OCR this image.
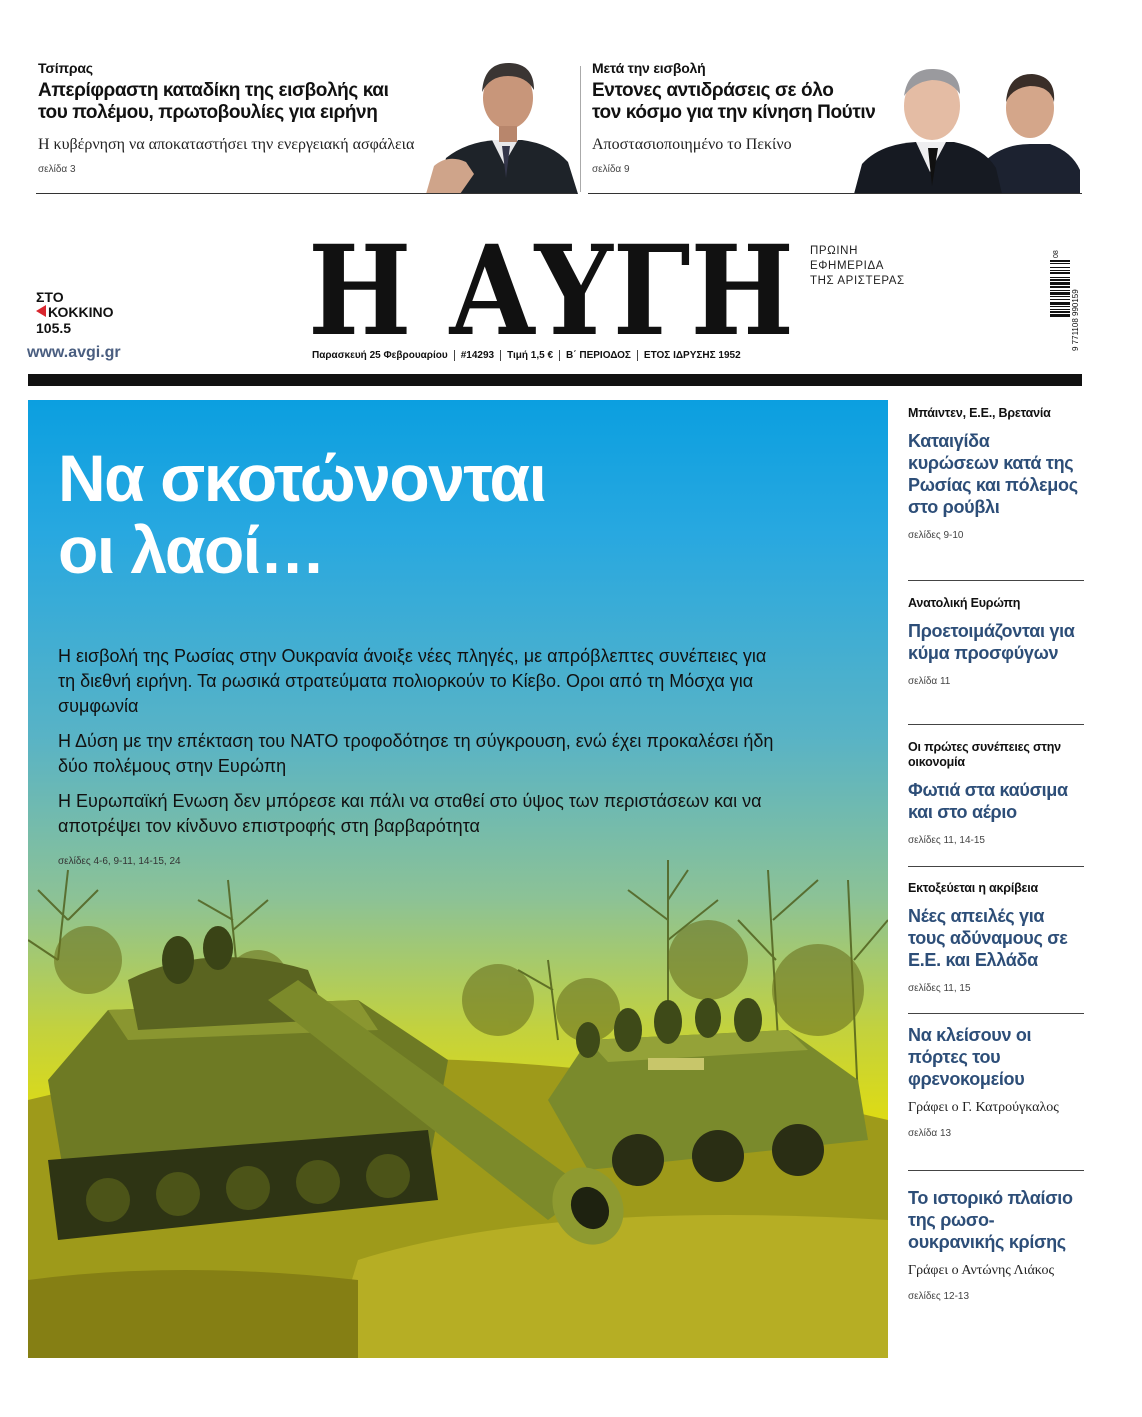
Τσίπρας
Απερίφραστη καταδίκη της εισβολής και
του πολέμου, πρωτοβουλίες για ειρήνη
Η κυβέρνηση να αποκαταστήσει την ενεργειακή ασφάλεια
σελίδα 3
Μετά την εισβολή
Εντονες αντιδράσεις σε όλο
τον κόσμο για την κίνηση Πούτιν
Αποστασιοποιημένο το Πεκίνο
σελίδα 9
ΣΤΟ
ΚΟΚΚΙΝΟ
105.5
www.avgi.gr Η ΑΥΓΗ ΠΡΩΙΝΗ
ΕΦΗΜΕΡΙΔΑ
ΤΗΣ ΑΡΙΣΤΕΡΑΣ
9 771108 990159
08
Παρασκευή 25 Φεβρουαρίου	#14293	Τιμή 1,5 €	Β΄ ΠΕΡΙΟΔΟΣ	ΕΤΟΣ ΙΔΡΥΣΗΣ 1952
Να σκοτώνονται
οι λαοί…

Η εισβολή της Ρωσίας στην Ουκρανία άνοιξε νέες πληγές, με απρόβλεπτες συνέπειες για τη διεθνή ειρήνη. Τα ρωσικά στρατεύματα πολιορκούν το Κίεβο. Οροι από τη Μόσχα για συμφωνία

Η Δύση με την επέκταση του ΝΑΤΟ τροφοδότησε τη σύγκρουση, ενώ έχει προκαλέσει ήδη δύο πολέμους στην Ευρώπη

Η Ευρωπαϊκή Ενωση δεν μπόρεσε και πάλι να σταθεί στο ύψος των περιστάσεων και να αποτρέψει τον κίνδυνο επιστροφής στη βαρβαρότητα

σελίδες 4-6, 9-11, 14-15, 24

Μπάιντεν, Ε.Ε., Βρετανία
Καταιγίδα κυρώσεων κατά της Ρωσίας και πόλεμος στο ρούβλι
σελίδες 9-10
Ανατολική Ευρώπη
Προετοιμάζονται για κύμα προσφύγων
σελίδα 11
Οι πρώτες συνέπειες στην οικονομία
Φωτιά στα καύσιμα και στο αέριο
σελίδες 11, 14-15
Εκτοξεύεται η ακρίβεια
Νέες απειλές για τους αδύναμους σε Ε.Ε. και Ελλάδα
σελίδες 11, 15
Να κλείσουν οι πόρτες του φρενοκομείου
Γράφει ο Γ. Κατρούγκαλος
σελίδα 13
Το ιστορικό πλαίσιο της ρωσο-ουκρανικής κρίσης
Γράφει ο Αντώνης Λιάκος
σελίδες 12-13
